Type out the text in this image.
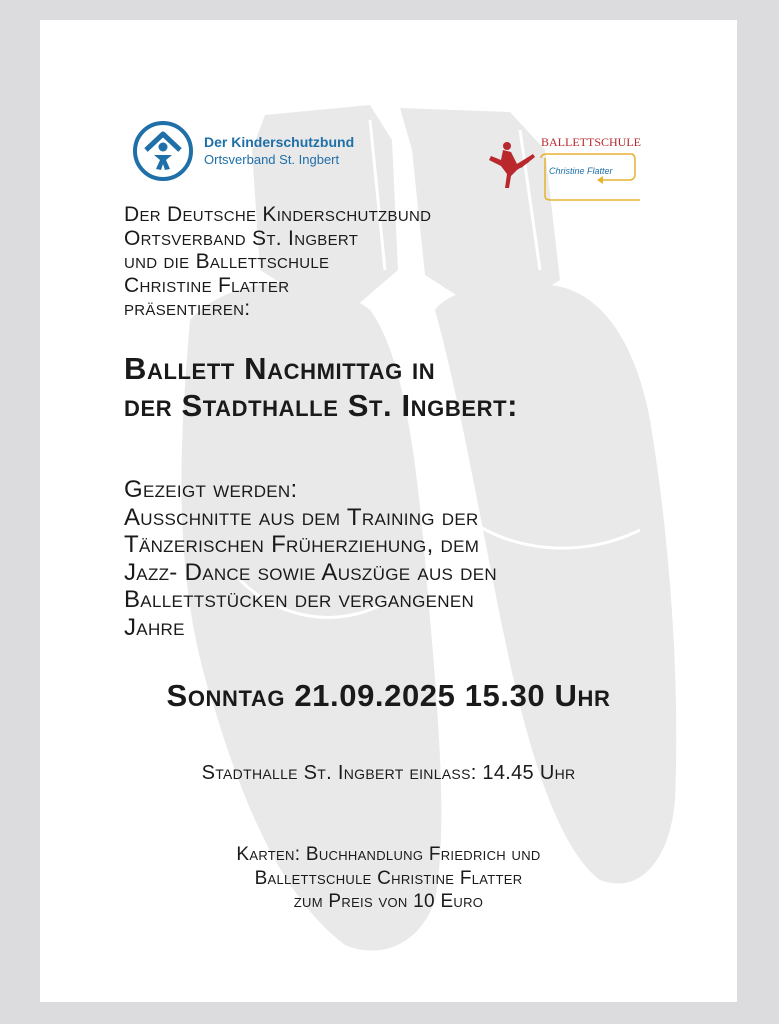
Der Kinderschutzbund
Ortsverband St. Ingbert
BALLETTSCHULE
Christine Flatter
Der Deutsche Kinderschutzbund
Ortsverband St. Ingbert
und die Ballettschule
Christine Flatter
präsentieren:
Ballett Nachmittag in
der Stadthalle St. Ingbert:
Gezeigt werden:
Ausschnitte aus dem Training der
Tänzerischen Früherziehung, dem
Jazz- Dance sowie Auszüge aus den
Ballettstücken der vergangenen
Jahre
Sonntag 21.09.2025 15.30 Uhr
Stadthalle St. Ingbert einlass: 14.45 Uhr
Karten: Buchhandlung Friedrich und
Ballettschule Christine Flatter
zum Preis von 10 Euro
